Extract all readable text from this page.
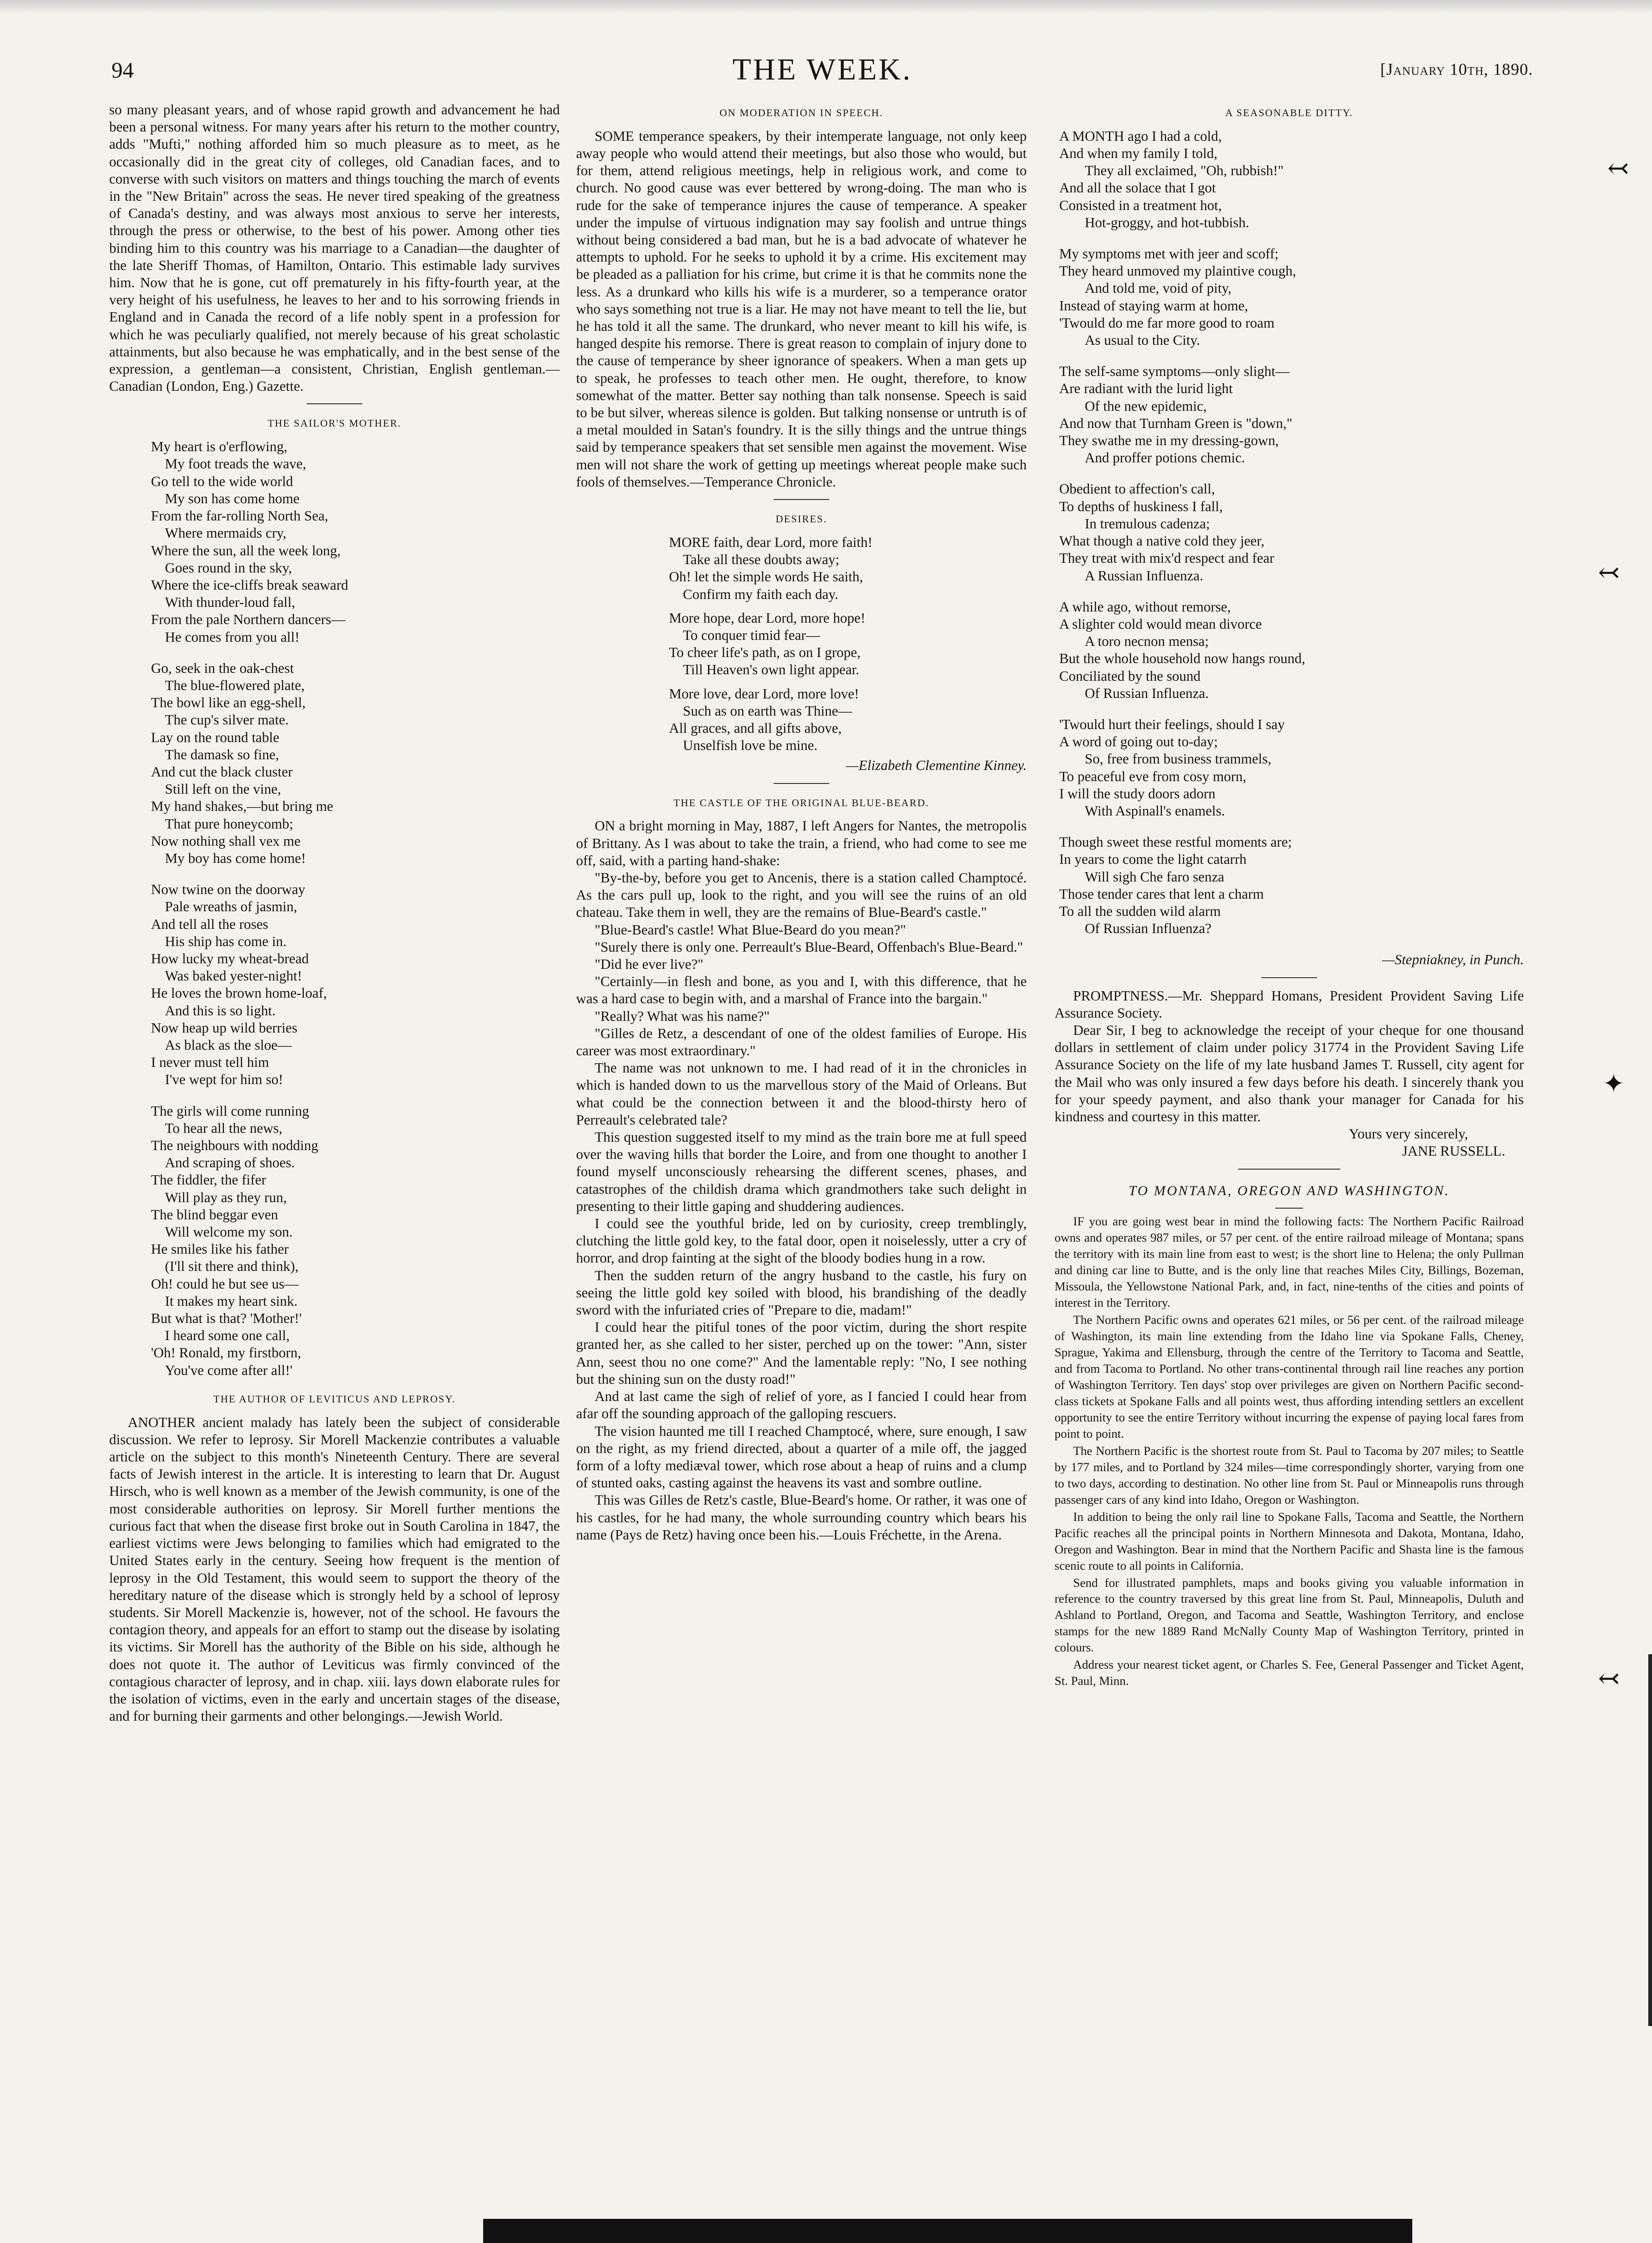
↢
↢
✦
↢
94	THE WEEK.	[January 10th, 1890.

so many pleasant years, and of whose rapid growth and advancement he had been a personal witness. For many years after his return to the mother country, adds "Mufti," nothing afforded him so much pleasure as to meet, as he occasionally did in the great city of colleges, old Canadian faces, and to converse with such visitors on matters and things touching the march of events in the "New Britain" across the seas. He never tired speaking of the greatness of Canada's destiny, and was always most anxious to serve her interests, through the press or otherwise, to the best of his power. Among other ties binding him to this country was his marriage to a Canadian—the daughter of the late Sheriff Thomas, of Hamilton, Ontario. This estimable lady survives him. Now that he is gone, cut off prematurely in his fifty-fourth year, at the very height of his usefulness, he leaves to her and to his sorrowing friends in England and in Canada the record of a life nobly spent in a profession for which he was peculiarly qualified, not merely because of his great scholastic attainments, but also because he was emphatically, and in the best sense of the expression, a gentleman—a consistent, Christian, English gentleman.—Canadian (London, Eng.) Gazette.

THE SAILOR'S MOTHER.
My heart is o'erflowing,
My foot treads the wave,
Go tell to the wide world
My son has come home
From the far-rolling North Sea,
Where mermaids cry,
Where the sun, all the week long,
Goes round in the sky,
Where the ice-cliffs break seaward
With thunder-loud fall,
From the pale Northern dancers—
He comes from you all!
Go, seek in the oak-chest
The blue-flowered plate,
The bowl like an egg-shell,
The cup's silver mate.
Lay on the round table
The damask so fine,
And cut the black cluster
Still left on the vine,
My hand shakes,—but bring me
That pure honeycomb;
Now nothing shall vex me
My boy has come home!
Now twine on the doorway
Pale wreaths of jasmin,
And tell all the roses
His ship has come in.
How lucky my wheat-bread
Was baked yester-night!
He loves the brown home-loaf,
And this is so light.
Now heap up wild berries
As black as the sloe—
I never must tell him
I've wept for him so!
The girls will come running
To hear all the news,
The neighbours with nodding
And scraping of shoes.
The fiddler, the fifer
Will play as they run,
The blind beggar even
Will welcome my son.
He smiles like his father
(I'll sit there and think),
Oh! could he but see us—
It makes my heart sink.
But what is that? 'Mother!'
I heard some one call,
'Oh! Ronald, my firstborn,
You've come after all!'
THE AUTHOR OF LEVITICUS AND LEPROSY.

ANOTHER ancient malady has lately been the subject of considerable discussion. We refer to leprosy. Sir Morell Mackenzie contributes a valuable article on the subject to this month's Nineteenth Century. There are several facts of Jewish interest in the article. It is interesting to learn that Dr. August Hirsch, who is well known as a member of the Jewish community, is one of the most considerable authorities on leprosy. Sir Morell further mentions the curious fact that when the disease first broke out in South Carolina in 1847, the earliest victims were Jews belonging to families which had emigrated to the United States early in the century. Seeing how frequent is the mention of leprosy in the Old Testament, this would seem to support the theory of the hereditary nature of the disease which is strongly held by a school of leprosy students. Sir Morell Mackenzie is, however, not of the school. He favours the contagion theory, and appeals for an effort to stamp out the disease by isolating its victims. Sir Morell has the authority of the Bible on his side, although he does not quote it. The author of Leviticus was firmly convinced of the contagious character of leprosy, and in chap. xiii. lays down elaborate rules for the isolation of victims, even in the early and uncertain stages of the disease, and for burning their garments and other belongings.—Jewish World.

ON MODERATION IN SPEECH.

SOME temperance speakers, by their intemperate language, not only keep away people who would attend their meetings, but also those who would, but for them, attend religious meetings, help in religious work, and come to church. No good cause was ever bettered by wrong-doing. The man who is rude for the sake of temperance injures the cause of temperance. A speaker under the impulse of virtuous indignation may say foolish and untrue things without being considered a bad man, but he is a bad advocate of whatever he attempts to uphold. For he seeks to uphold it by a crime. His excitement may be pleaded as a palliation for his crime, but crime it is that he commits none the less. As a drunkard who kills his wife is a murderer, so a temperance orator who says something not true is a liar. He may not have meant to tell the lie, but he has told it all the same. The drunkard, who never meant to kill his wife, is hanged despite his remorse. There is great reason to complain of injury done to the cause of temperance by sheer ignorance of speakers. When a man gets up to speak, he professes to teach other men. He ought, therefore, to know somewhat of the matter. Better say nothing than talk nonsense. Speech is said to be but silver, whereas silence is golden. But talking nonsense or untruth is of a metal moulded in Satan's foundry. It is the silly things and the untrue things said by temperance speakers that set sensible men against the movement. Wise men will not share the work of getting up meetings whereat people make such fools of themselves.—Temperance Chronicle.

DESIRES.
MORE faith, dear Lord, more faith!
Take all these doubts away;
Oh! let the simple words He saith,
Confirm my faith each day.
More hope, dear Lord, more hope!
To conquer timid fear—
To cheer life's path, as on I grope,
Till Heaven's own light appear.
More love, dear Lord, more love!
Such as on earth was Thine—
All graces, and all gifts above,
Unselfish love be mine.
—Elizabeth Clementine Kinney.
THE CASTLE OF THE ORIGINAL BLUE-BEARD.

ON a bright morning in May, 1887, I left Angers for Nantes, the metropolis of Brittany. As I was about to take the train, a friend, who had come to see me off, said, with a parting hand-shake:

"By-the-by, before you get to Ancenis, there is a station called Champtocé. As the cars pull up, look to the right, and you will see the ruins of an old chateau. Take them in well, they are the remains of Blue-Beard's castle."

"Blue-Beard's castle! What Blue-Beard do you mean?"

"Surely there is only one. Perreault's Blue-Beard, Offenbach's Blue-Beard."

"Did he ever live?"

"Certainly—in flesh and bone, as you and I, with this difference, that he was a hard case to begin with, and a marshal of France into the bargain."

"Really? What was his name?"

"Gilles de Retz, a descendant of one of the oldest families of Europe. His career was most extraordinary."

The name was not unknown to me. I had read of it in the chronicles in which is handed down to us the marvellous story of the Maid of Orleans. But what could be the connection between it and the blood-thirsty hero of Perreault's celebrated tale?

This question suggested itself to my mind as the train bore me at full speed over the waving hills that border the Loire, and from one thought to another I found myself unconsciously rehearsing the different scenes, phases, and catastrophes of the childish drama which grandmothers take such delight in presenting to their little gaping and shuddering audiences.

I could see the youthful bride, led on by curiosity, creep tremblingly, clutching the little gold key, to the fatal door, open it noiselessly, utter a cry of horror, and drop fainting at the sight of the bloody bodies hung in a row.

Then the sudden return of the angry husband to the castle, his fury on seeing the little gold key soiled with blood, his brandishing of the deadly sword with the infuriated cries of "Prepare to die, madam!"

I could hear the pitiful tones of the poor victim, during the short respite granted her, as she called to her sister, perched up on the tower: "Ann, sister Ann, seest thou no one come?" And the lamentable reply: "No, I see nothing but the shining sun on the dusty road!"

And at last came the sigh of relief of yore, as I fancied I could hear from afar off the sounding approach of the galloping rescuers.

The vision haunted me till I reached Champtocé, where, sure enough, I saw on the right, as my friend directed, about a quarter of a mile off, the jagged form of a lofty mediæval tower, which rose about a heap of ruins and a clump of stunted oaks, casting against the heavens its vast and sombre outline.

This was Gilles de Retz's castle, Blue-Beard's home. Or rather, it was one of his castles, for he had many, the whole surrounding country which bears his name (Pays de Retz) having once been his.—Louis Fréchette, in the Arena.

A SEASONABLE DITTY.
A MONTH ago I had a cold,
And when my family I told,
They all exclaimed, "Oh, rubbish!"
And all the solace that I got
Consisted in a treatment hot,
Hot-groggy, and hot-tubbish.
My symptoms met with jeer and scoff;
They heard unmoved my plaintive cough,
And told me, void of pity,
Instead of staying warm at home,
'Twould do me far more good to roam
As usual to the City.
The self-same symptoms—only slight—
Are radiant with the lurid light
Of the new epidemic,
And now that Turnham Green is "down,"
They swathe me in my dressing-gown,
And proffer potions chemic.
Obedient to affection's call,
To depths of huskiness I fall,
In tremulous cadenza;
What though a native cold they jeer,
They treat with mix'd respect and fear
A Russian Influenza.
A while ago, without remorse,
A slighter cold would mean divorce
A toro necnon mensa;
But the whole household now hangs round,
Conciliated by the sound
Of Russian Influenza.
'Twould hurt their feelings, should I say
A word of going out to-day;
So, free from business trammels,
To peaceful eve from cosy morn,
I will the study doors adorn
With Aspinall's enamels.
Though sweet these restful moments are;
In years to come the light catarrh
Will sigh Che faro senza
Those tender cares that lent a charm
To all the sudden wild alarm
Of Russian Influenza?
—Stepniakney, in Punch.

PROMPTNESS.—Mr. Sheppard Homans, President Provident Saving Life Assurance Society.

Dear Sir, I beg to acknowledge the receipt of your cheque for one thousand dollars in settlement of claim under policy 31774 in the Provident Saving Life Assurance Society on the life of my late husband James T. Russell, city agent for the Mail who was only insured a few days before his death. I sincerely thank you for your speedy payment, and also thank your manager for Canada for his kindness and courtesy in this matter.

Yours very sincerely,

JANE RUSSELL.

TO MONTANA, OREGON AND WASHINGTON.

IF you are going west bear in mind the following facts: The Northern Pacific Railroad owns and operates 987 miles, or 57 per cent. of the entire railroad mileage of Montana; spans the territory with its main line from east to west; is the short line to Helena; the only Pullman and dining car line to Butte, and is the only line that reaches Miles City, Billings, Bozeman, Missoula, the Yellowstone National Park, and, in fact, nine-tenths of the cities and points of interest in the Territory.

The Northern Pacific owns and operates 621 miles, or 56 per cent. of the railroad mileage of Washington, its main line extending from the Idaho line via Spokane Falls, Cheney, Sprague, Yakima and Ellensburg, through the centre of the Territory to Tacoma and Seattle, and from Tacoma to Portland. No other trans-continental through rail line reaches any portion of Washington Territory. Ten days' stop over privileges are given on Northern Pacific second-class tickets at Spokane Falls and all points west, thus affording intending settlers an excellent opportunity to see the entire Territory without incurring the expense of paying local fares from point to point.

The Northern Pacific is the shortest route from St. Paul to Tacoma by 207 miles; to Seattle by 177 miles, and to Portland by 324 miles—time correspondingly shorter, varying from one to two days, according to destination. No other line from St. Paul or Minneapolis runs through passenger cars of any kind into Idaho, Oregon or Washington.

In addition to being the only rail line to Spokane Falls, Tacoma and Seattle, the Northern Pacific reaches all the principal points in Northern Minnesota and Dakota, Montana, Idaho, Oregon and Washington. Bear in mind that the Northern Pacific and Shasta line is the famous scenic route to all points in California.

Send for illustrated pamphlets, maps and books giving you valuable information in reference to the country traversed by this great line from St. Paul, Minneapolis, Duluth and Ashland to Portland, Oregon, and Tacoma and Seattle, Washington Territory, and enclose stamps for the new 1889 Rand McNally County Map of Washington Territory, printed in colours.

Address your nearest ticket agent, or Charles S. Fee, General Passenger and Ticket Agent, St. Paul, Minn.
